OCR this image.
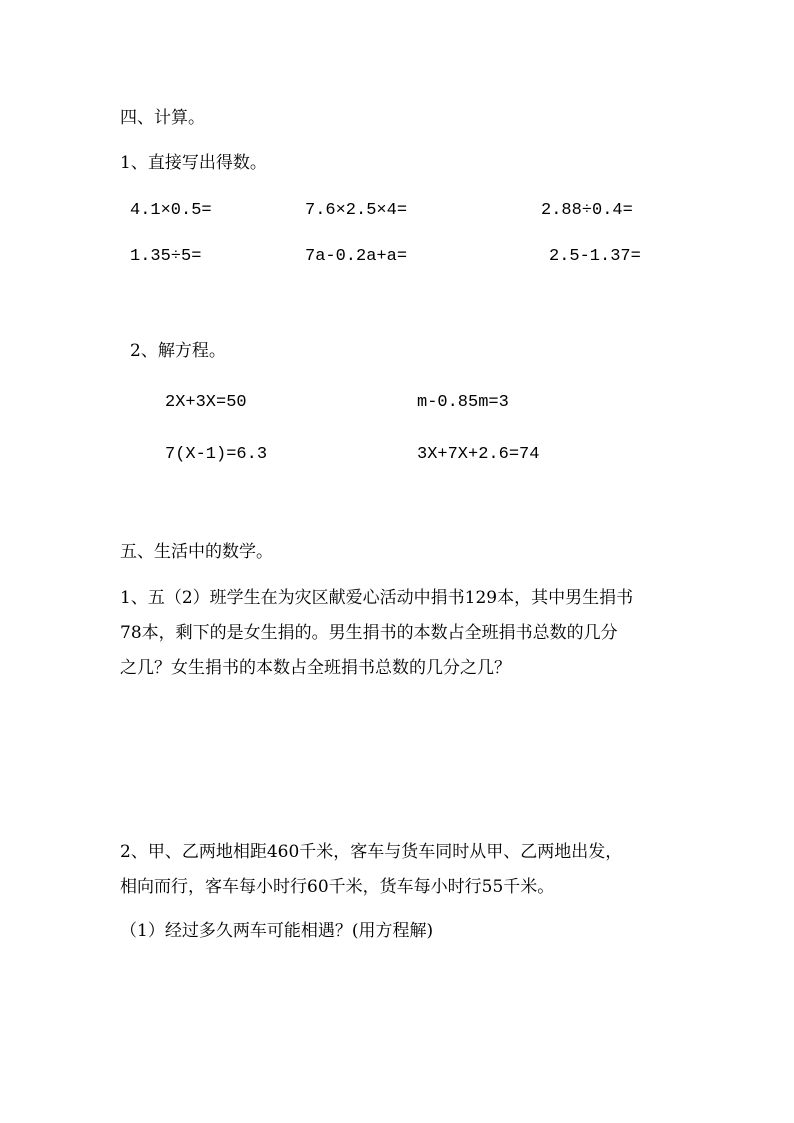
四、计算。
1、直接写出得数。
4.1×0.5=	7.6×2.5×4=	2.88÷0.4=
1.35÷5=	7a-0.2a+a=	2.5-1.37=
2、解方程。
2X+3X=50	m-0.85m=3
7(X-1)=6.3	3X+7X+2.6=74
五、生活中的数学。
1、五（2）班学生在为灾区献爱心活动中捐书129本，其中男生捐书
78本，剩下的是女生捐的。男生捐书的本数占全班捐书总数的几分
之几？女生捐书的本数占全班捐书总数的几分之几？
2、甲、乙两地相距460千米，客车与货车同时从甲、乙两地出发，
相向而行，客车每小时行60千米，货车每小时行55千米。
（1）经过多久两车可能相遇？(用方程解)
